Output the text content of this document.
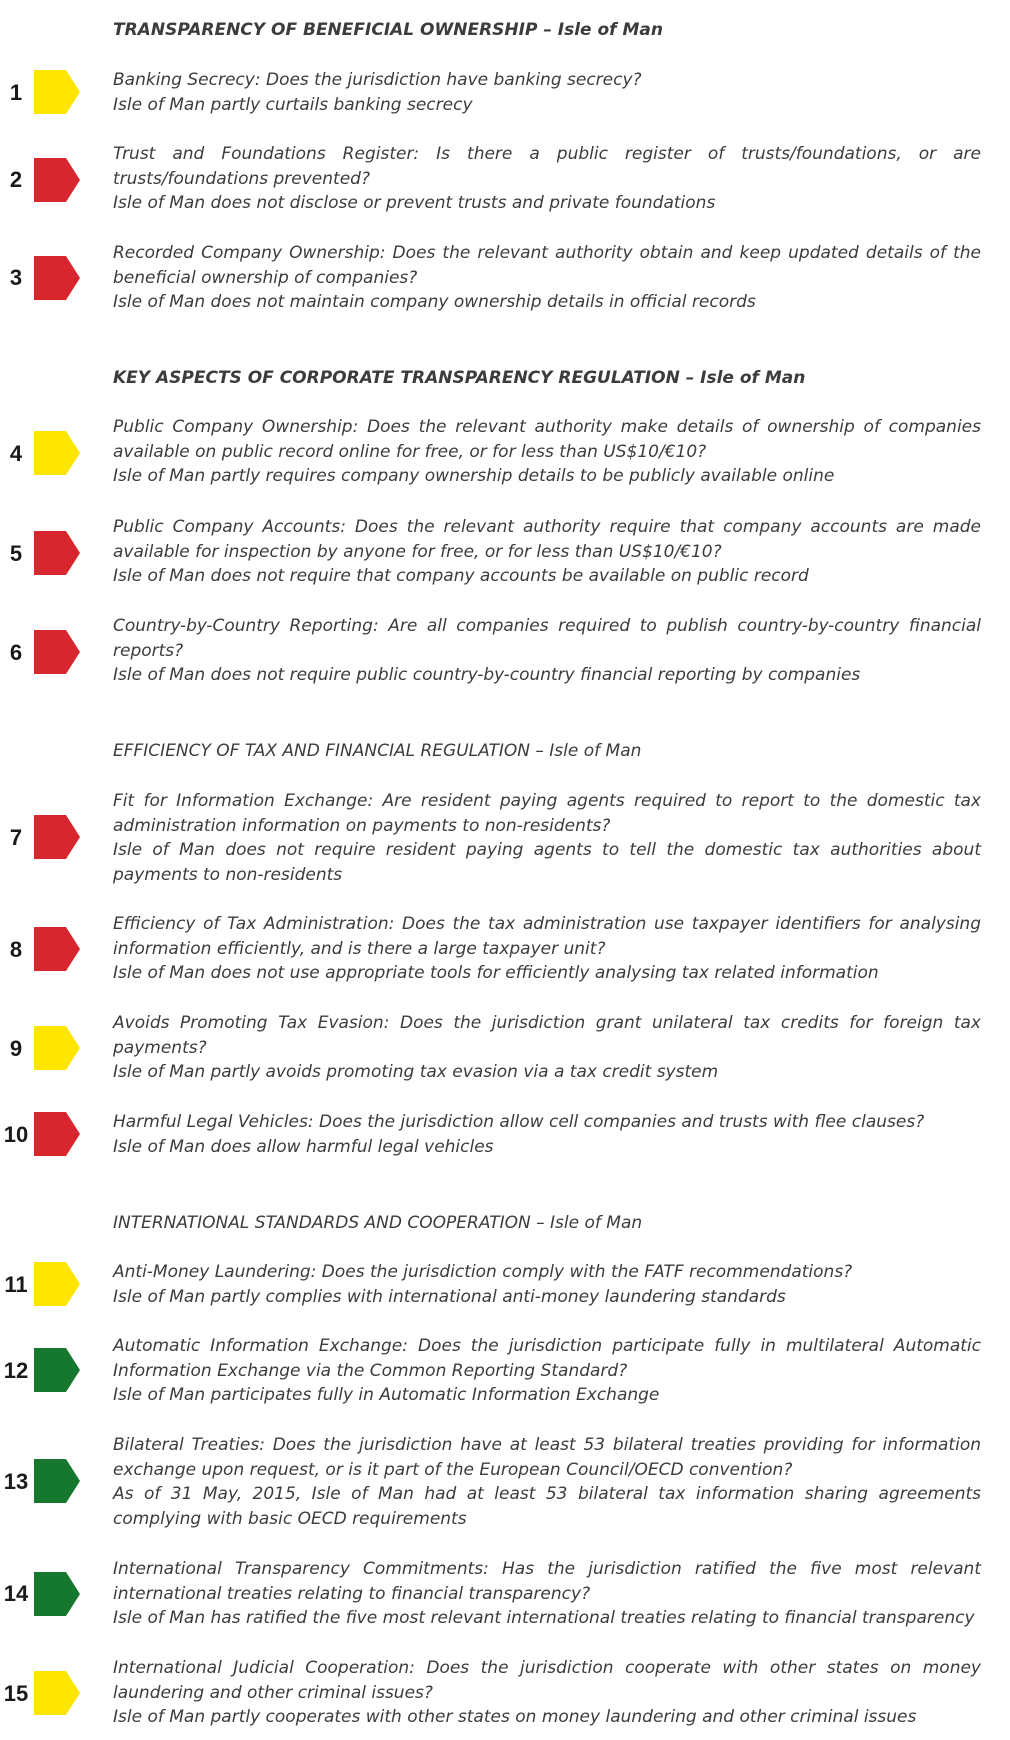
TRANSPARENCY OF BENEFICIAL OWNERSHIP – Isle of Man
KEY ASPECTS OF CORPORATE TRANSPARENCY REGULATION – Isle of Man
EFFICIENCY OF TAX AND FINANCIAL REGULATION – Isle of Man
INTERNATIONAL STANDARDS AND COOPERATION – Isle of Man
1	Banking Secrecy: Does the jurisdiction have banking secrecy?

Isle of Man partly curtails banking secrecy

2

Trust and Foundations Register: Is there a public register of trusts/foundations, or are trusts/foundations prevented?

Isle of Man does not disclose or prevent trusts and private foundations

3

Recorded Company Ownership: Does the relevant authority obtain and keep updated details of the beneficial ownership of companies?

Isle of Man does not maintain company ownership details in official records

4

Public Company Ownership: Does the relevant authority make details of ownership of companies available on public record online for free, or for less than US$10/€10?

Isle of Man partly requires company ownership details to be publicly available online

5

Public Company Accounts: Does the relevant authority require that company accounts are made available for inspection by anyone for free, or for less than US$10/€10?

Isle of Man does not require that company accounts be available on public record

6

Country-by-Country Reporting: Are all companies required to publish country-by-country financial reports?

Isle of Man does not require public country-by-country financial reporting by companies

7

Fit for Information Exchange: Are resident paying agents required to report to the domestic tax administration information on payments to non-residents?

Isle of Man does not require resident paying agents to tell the domestic tax authorities about payments to non-residents

8

Efficiency of Tax Administration: Does the tax administration use taxpayer identifiers for analysing information efficiently, and is there a large taxpayer unit?

Isle of Man does not use appropriate tools for efficiently analysing tax related information

9

Avoids Promoting Tax Evasion: Does the jurisdiction grant unilateral tax credits for foreign tax payments?

Isle of Man partly avoids promoting tax evasion via a tax credit system

10	Harmful Legal Vehicles: Does the jurisdiction allow cell companies and trusts with flee clauses?

Isle of Man does allow harmful legal vehicles

11	Anti-Money Laundering: Does the jurisdiction comply with the FATF recommendations?

Isle of Man partly complies with international anti-money laundering standards

12

Automatic Information Exchange: Does the jurisdiction participate fully in multilateral Automatic Information Exchange via the Common Reporting Standard?

Isle of Man participates fully in Automatic Information Exchange

13

Bilateral Treaties: Does the jurisdiction have at least 53 bilateral treaties providing for information exchange upon request, or is it part of the European Council/OECD convention?

As of 31 May, 2015, Isle of Man had at least 53 bilateral tax information sharing agreements complying with basic OECD requirements

14

International Transparency Commitments: Has the jurisdiction ratified the five most relevant international treaties relating to financial transparency?

Isle of Man has ratified the five most relevant international treaties relating to financial transparency

15

International Judicial Cooperation: Does the jurisdiction cooperate with other states on money laundering and other criminal issues?

Isle of Man partly cooperates with other states on money laundering and other criminal issues
